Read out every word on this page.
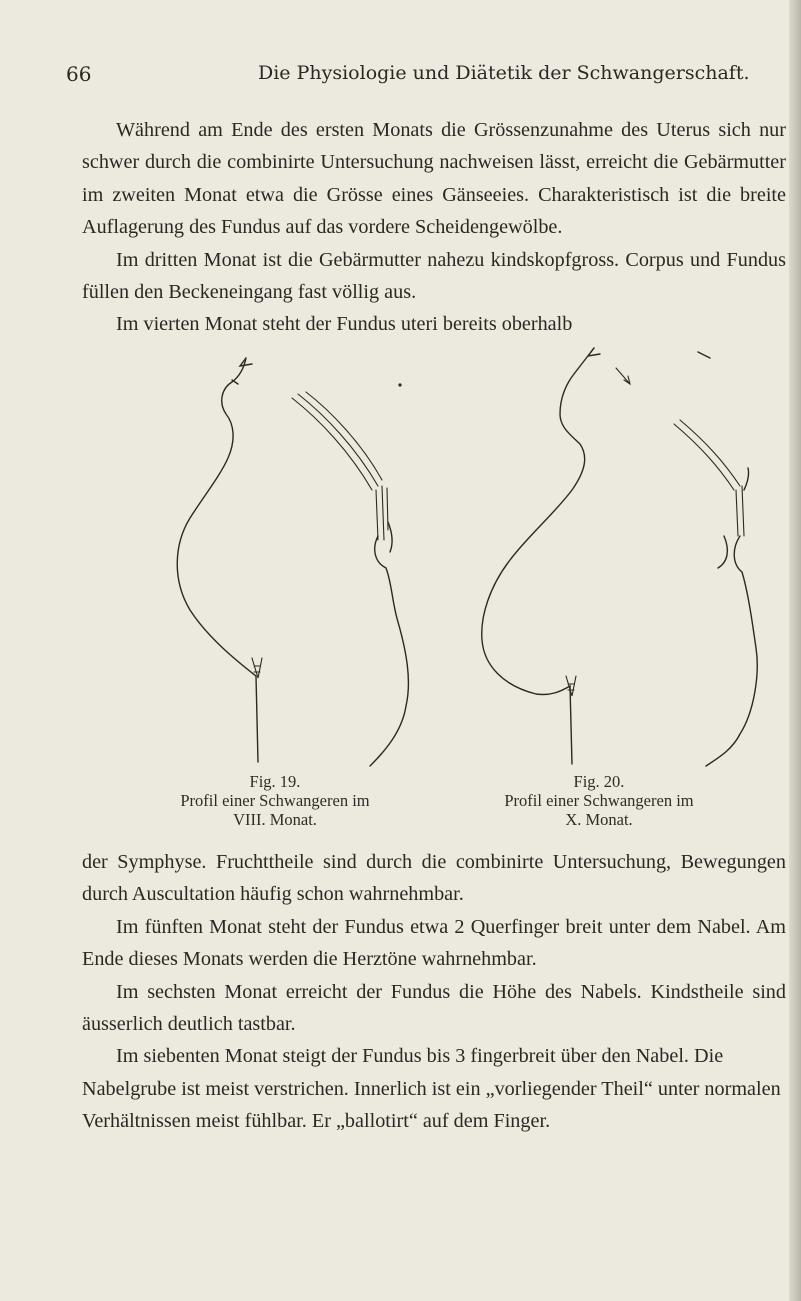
66	Die Physiologie und Diätetik der Schwangerschaft.

Während am Ende des ersten Monats die Grössenzunahme des Uterus sich nur schwer durch die combinirte Untersuchung nachweisen lässt, erreicht die Gebärmutter im zweiten Monat etwa die Grösse eines Gänseeies. Charakteristisch ist die breite Auflagerung des Fundus auf das vordere Scheidengewölbe.

Im dritten Monat ist die Gebärmutter nahezu kindskopfgross. Corpus und Fundus füllen den Beckeneingang fast völlig aus.

Im vierten Monat steht der Fundus uteri bereits oberhalb

Fig. 19.
Profil einer Schwangeren im
VIII. Monat.
Fig. 20.
Profil einer Schwangeren im
X. Monat.

der Symphyse. Fruchttheile sind durch die combinirte Untersuchung, Bewegungen durch Auscultation häufig schon wahrnehmbar.

Im fünften Monat steht der Fundus etwa 2 Querfinger breit unter dem Nabel. Am Ende dieses Monats werden die Herztöne wahrnehmbar.

Im sechsten Monat erreicht der Fundus die Höhe des Nabels. Kindstheile sind äusserlich deutlich tastbar.

Im siebenten Monat steigt der Fundus bis 3 fingerbreit über den Nabel. Die Nabelgrube ist meist verstrichen. Innerlich ist ein „vorliegender Theil“ unter normalen Verhältnissen meist fühlbar. Er „ballotirt“ auf dem Finger.
